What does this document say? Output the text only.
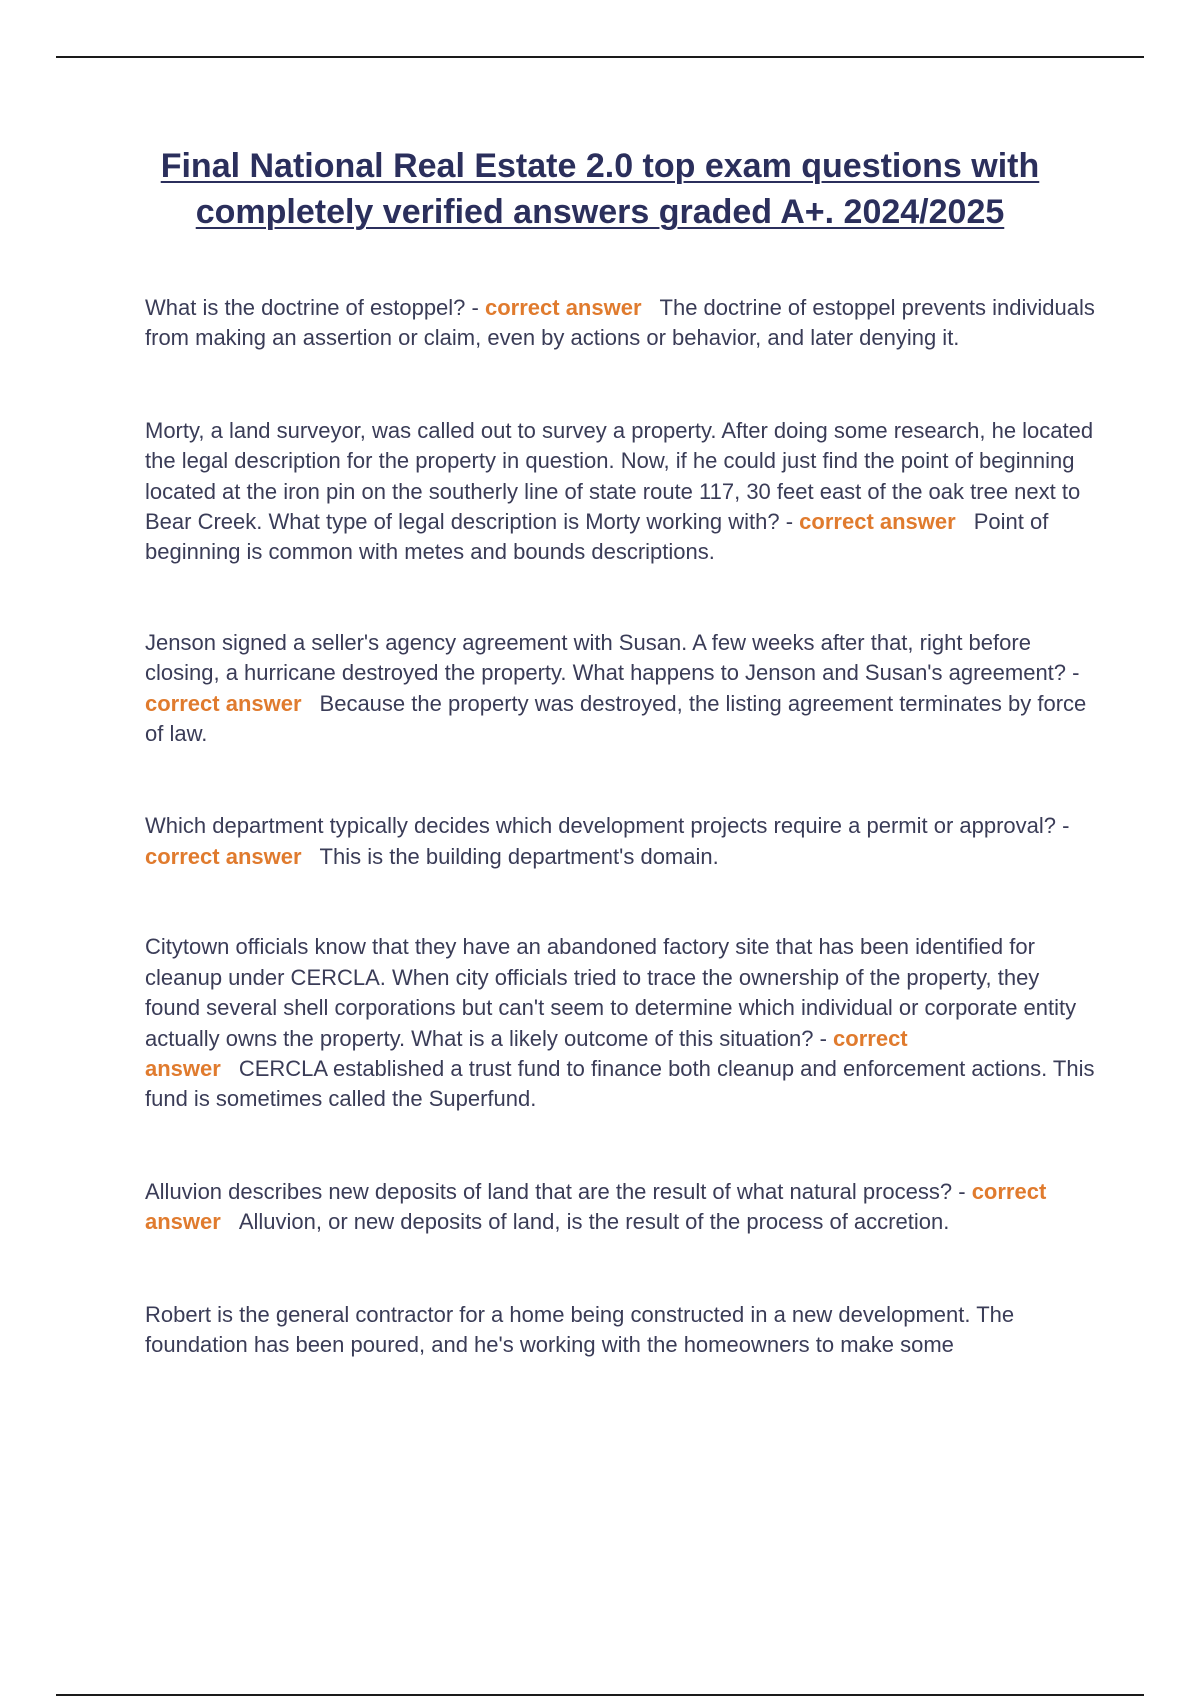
Final National Real Estate 2.0 top exam questions with completely verified answers graded A+. 2024/2025

What is the doctrine of estoppel? - correct answer The doctrine of estoppel prevents individuals from making an assertion or claim, even by actions or behavior, and later denying it.

Morty, a land surveyor, was called out to survey a property. After doing some research, he located the legal description for the property in question. Now, if he could just find the point of beginning located at the iron pin on the southerly line of state route 117, 30 feet east of the oak tree next to Bear Creek. What type of legal description is Morty working with? - correct answer Point of beginning is common with metes and bounds descriptions.

Jenson signed a seller's agency agreement with Susan. A few weeks after that, right before closing, a hurricane destroyed the property. What happens to Jenson and Susan's agreement? - correct answer Because the property was destroyed, the listing agreement terminates by force of law.

Which department typically decides which development projects require a permit or approval? - correct answer This is the building department's domain.

Citytown officials know that they have an abandoned factory site that has been identified for cleanup under CERCLA. When city officials tried to trace the ownership of the property, they found several shell corporations but can't seem to determine which individual or corporate entity actually owns the property. What is a likely outcome of this situation? - correct answer CERCLA established a trust fund to finance both cleanup and enforcement actions. This fund is sometimes called the Superfund.

Alluvion describes new deposits of land that are the result of what natural process? - correct answer Alluvion, or new deposits of land, is the result of the process of accretion.

Robert is the general contractor for a home being constructed in a new development. The foundation has been poured, and he's working with the homeowners to make some
